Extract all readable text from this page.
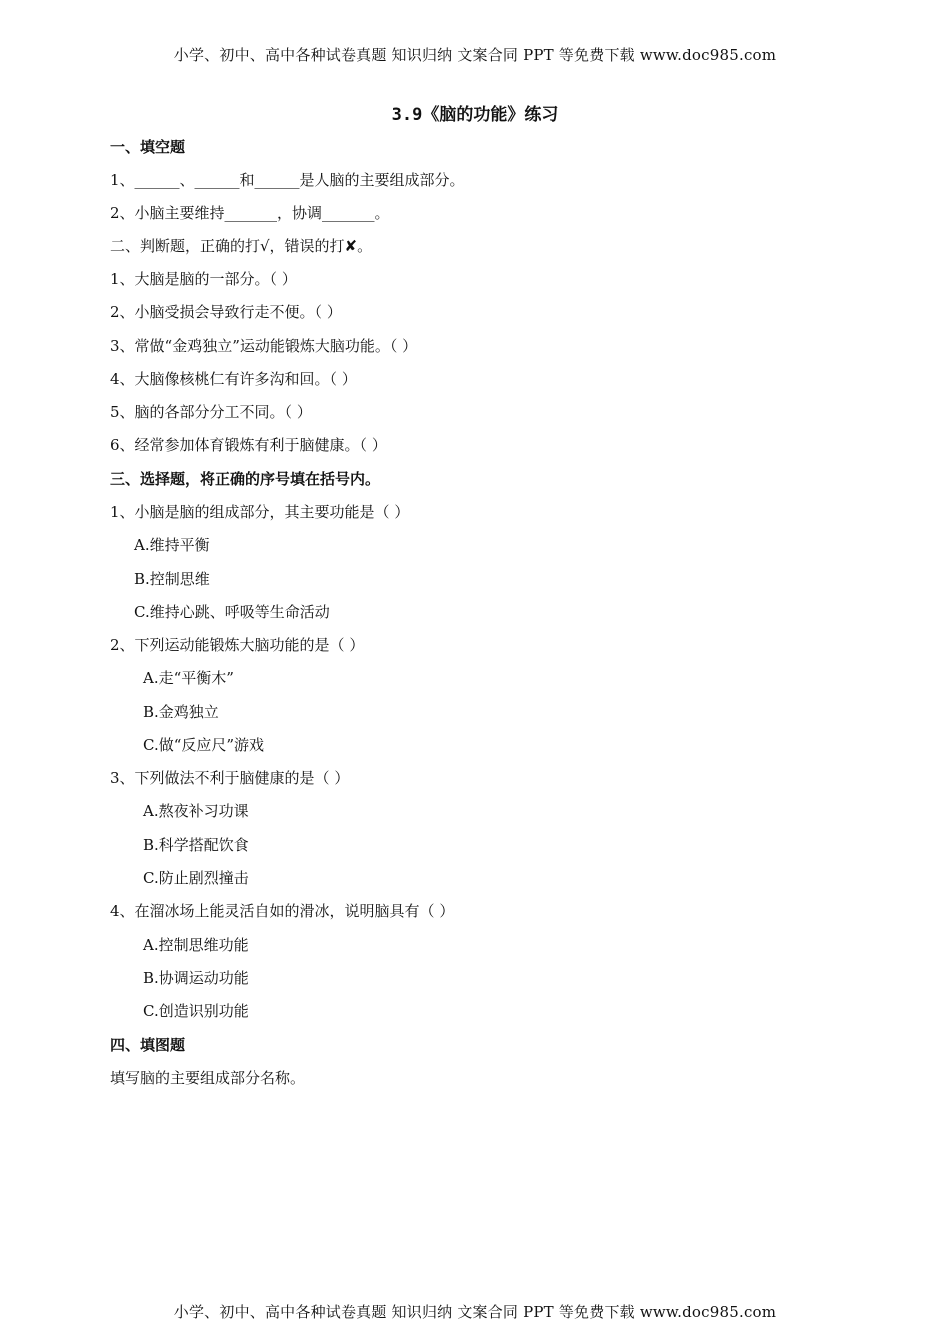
小学、初中、高中各种试卷真题 知识归纳 文案合同 PPT 等免费下载 www.doc985.com
3.9《脑的功能》练习
一、填空题
1、______、______和______是人脑的主要组成部分。
2、小脑主要维持_______，协调_______。
二、判断题，正确的打√，错误的打✘。
1、大脑是脑的一部分。（ ）
2、小脑受损会导致行走不便。（ ）
3、常做“金鸡独立”运动能锻炼大脑功能。（ ）
4、大脑像核桃仁有许多沟和回。（ ）
5、脑的各部分分工不同。（ ）
6、经常参加体育锻炼有利于脑健康。（ ）
三、选择题，将正确的序号填在括号内。
1、小脑是脑的组成部分，其主要功能是（ ）
A.维持平衡
B.控制思维
C.维持心跳、呼吸等生命活动
2、下列运动能锻炼大脑功能的是（ ）
A.走“平衡木”
B.金鸡独立
C.做“反应尺”游戏
3、下列做法不利于脑健康的是（ ）
A.熬夜补习功课
B.科学搭配饮食
C.防止剧烈撞击
4、在溜冰场上能灵活自如的滑冰，说明脑具有（ ）
A.控制思维功能
B.协调运动功能
C.创造识别功能
四、填图题
填写脑的主要组成部分名称。
小学、初中、高中各种试卷真题 知识归纳 文案合同 PPT 等免费下载 www.doc985.com
